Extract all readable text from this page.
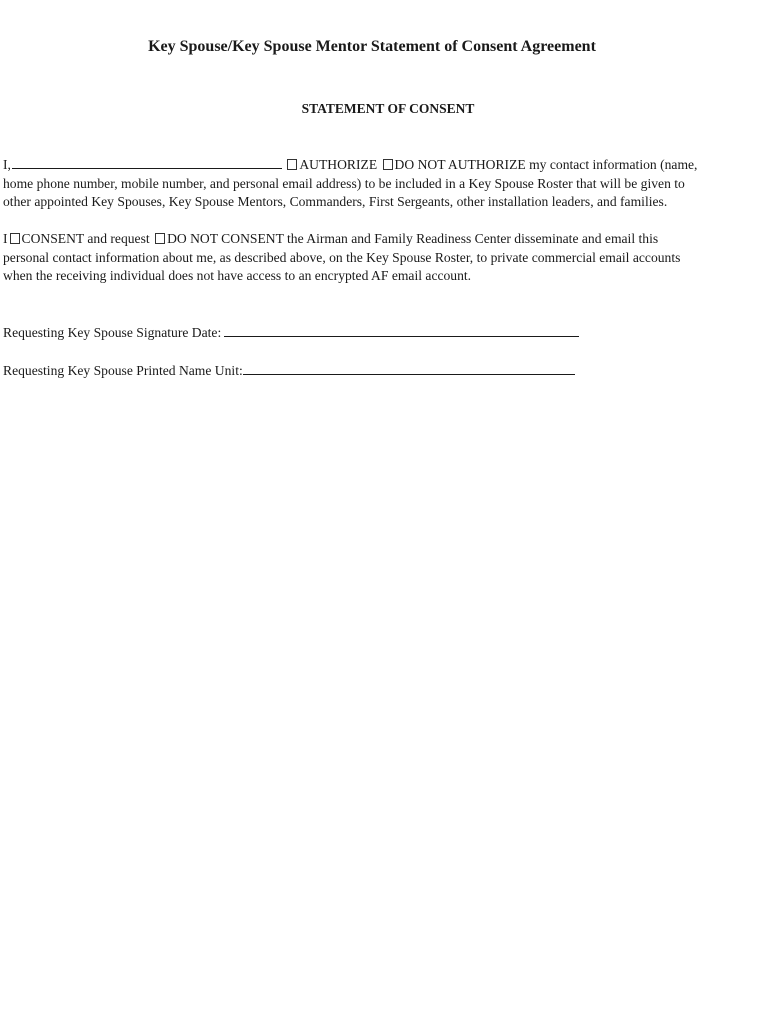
Key Spouse/Key Spouse Mentor Statement of Consent Agreement
STATEMENT OF CONSENT
I,	AUTHORIZE DO NOT AUTHORIZE my contact information (name,
home phone number, mobile number, and personal email address) to be included in a Key Spouse Roster that will be given to
other appointed Key Spouses, Key Spouse Mentors, Commanders, First Sergeants, other installation leaders, and families.
I CONSENT and request DO NOT CONSENT the Airman and Family Readiness Center disseminate and email this
personal contact information about me, as described above, on the Key Spouse Roster, to private commercial email accounts
when the receiving individual does not have access to an encrypted AF email account.
Requesting Key Spouse Signature Date:
Requesting Key Spouse Printed Name Unit:
